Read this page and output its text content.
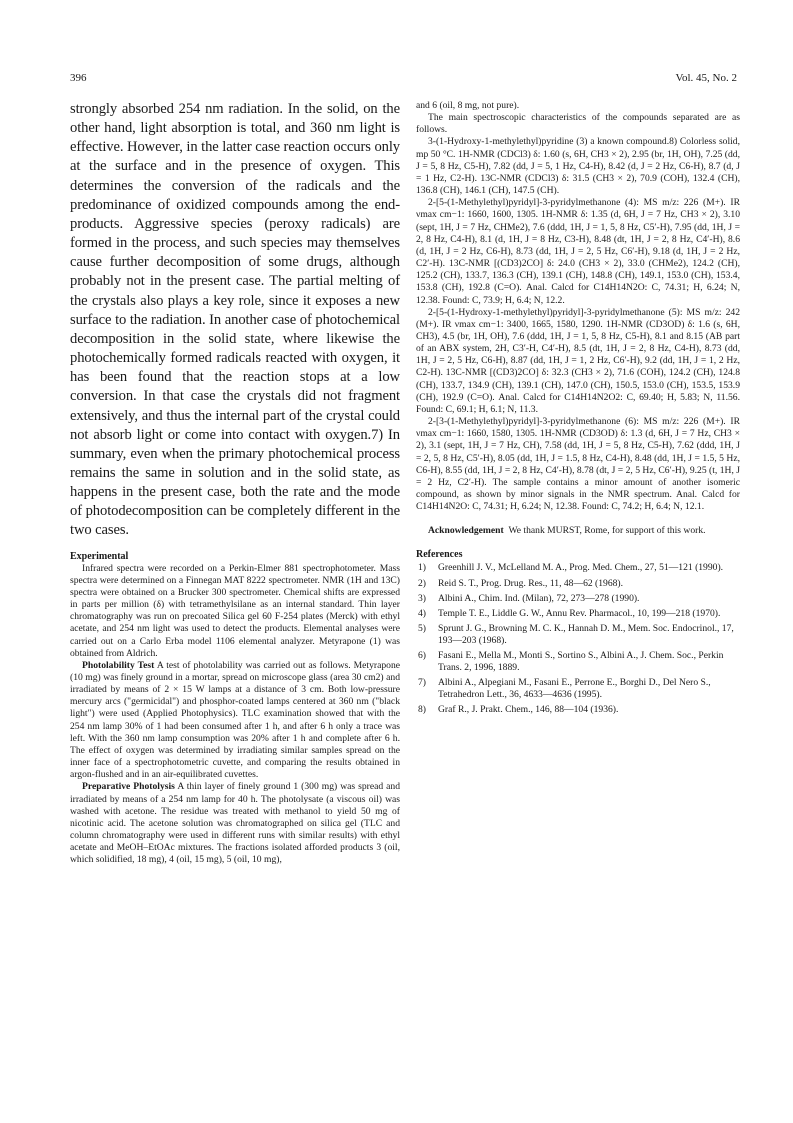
396	Vol. 45, No. 2

strongly absorbed 254 nm radiation. In the solid, on the other hand, light absorption is total, and 360 nm light is effective. However, in the latter case reaction occurs only at the surface and in the presence of oxygen. This determines the conversion of the radicals and the predominance of oxidized compounds among the end-products. Aggressive species (peroxy radicals) are formed in the process, and such species may themselves cause further decomposition of some drugs, although probably not in the present case. The partial melting of the crystals also plays a key role, since it exposes a new surface to the radiation. In another case of photochemical decomposition in the solid state, where likewise the photochemically formed radicals reacted with oxygen, it has been found that the reaction stops at a low conversion. In that case the crystals did not fragment extensively, and thus the internal part of the crystal could not absorb light or come into contact with oxygen.7) In summary, even when the primary photochemical process remains the same in solution and in the solid state, as happens in the present case, both the rate and the mode of photodecomposition can be completely different in the two cases.

Experimental

Infrared spectra were recorded on a Perkin-Elmer 881 spectrophotometer. Mass spectra were determined on a Finnegan MAT 8222 spectrometer. NMR (1H and 13C) spectra were obtained on a Brucker 300 spectrometer. Chemical shifts are expressed in parts per million (δ) with tetramethylsilane as an internal standard. Thin layer chromatography was run on precoated Silica gel 60 F-254 plates (Merck) with ethyl acetate, and 254 nm light was used to detect the products. Elemental analyses were carried out on a Carlo Erba model 1106 elemental analyzer. Metyrapone (1) was obtained from Aldrich.

Photolability Test A test of photolability was carried out as follows. Metyrapone (10 mg) was finely ground in a mortar, spread on microscope glass (area 30 cm2) and irradiated by means of 2 × 15 W lamps at a distance of 3 cm. Both low-pressure mercury arcs ("germicidal") and phosphor-coated lamps centered at 360 nm ("black light") were used (Applied Photophysics). TLC examination showed that with the 254 nm lamp 30% of 1 had been consumed after 1 h, and after 6 h only a trace was left. With the 360 nm lamp consumption was 20% after 1 h and complete after 6 h. The effect of oxygen was determined by irradiating similar samples spread on the inner face of a spectrophotometric cuvette, and comparing the results obtained in argon-flushed and in an air-equilibrated cuvettes.

Preparative Photolysis A thin layer of finely ground 1 (300 mg) was spread and irradiated by means of a 254 nm lamp for 40 h. The photolysate (a viscous oil) was washed with acetone. The residue was treated with methanol to yield 50 mg of nicotinic acid. The acetone solution was chromatographed on silica gel (TLC and column chromatography were used in different runs with similar results) with ethyl acetate and MeOH–EtOAc mixtures. The fractions isolated afforded products 3 (oil, which solidified, 18 mg), 4 (oil, 15 mg), 5 (oil, 10 mg),

and 6 (oil, 8 mg, not pure).

The main spectroscopic characteristics of the compounds separated are as follows.

3-(1-Hydroxy-1-methylethyl)pyridine (3) a known compound.8) Colorless solid, mp 50 °C. 1H-NMR (CDCl3) δ: 1.60 (s, 6H, CH3 × 2), 2.95 (br, 1H, OH), 7.25 (dd, J = 5, 8 Hz, C5-H), 7.82 (dd, J = 5, 1 Hz, C4-H), 8.42 (d, J = 2 Hz, C6-H), 8.7 (d, J = 1 Hz, C2-H). 13C-NMR (CDCl3) δ: 31.5 (CH3 × 2), 70.9 (COH), 132.4 (CH), 136.8 (CH), 146.1 (CH), 147.5 (CH).

2-[5-(1-Methylethyl)pyridyl]-3-pyridylmethanone (4): MS m/z: 226 (M+). IR νmax cm−1: 1660, 1600, 1305. 1H-NMR δ: 1.35 (d, 6H, J = 7 Hz, CH3 × 2), 3.10 (sept, 1H, J = 7 Hz, CHMe2), 7.6 (ddd, 1H, J = 1, 5, 8 Hz, C5′-H), 7.95 (dd, 1H, J = 2, 8 Hz, C4-H), 8.1 (d, 1H, J = 8 Hz, C3-H), 8.48 (dt, 1H, J = 2, 8 Hz, C4′-H), 8.6 (d, 1H, J = 2 Hz, C6-H), 8.73 (dd, 1H, J = 2, 5 Hz, C6′-H), 9.18 (d, 1H, J = 2 Hz, C2′-H). 13C-NMR [(CD3)2CO] δ: 24.0 (CH3 × 2), 33.0 (CHMe2), 124.2 (CH), 125.2 (CH), 133.7, 136.3 (CH), 139.1 (CH), 148.8 (CH), 149.1, 153.0 (CH), 153.4, 153.8 (CH), 192.8 (C=O). Anal. Calcd for C14H14N2O: C, 74.31; H, 6.24; N, 12.38. Found: C, 73.9; H, 6.4; N, 12.2.

2-[5-(1-Hydroxy-1-methylethyl)pyridyl]-3-pyridylmethanone (5): MS m/z: 242 (M+). IR νmax cm−1: 3400, 1665, 1580, 1290. 1H-NMR (CD3OD) δ: 1.6 (s, 6H, CH3), 4.5 (br, 1H, OH), 7.6 (ddd, 1H, J = 1, 5, 8 Hz, C5-H), 8.1 and 8.15 (AB part of an ABX system, 2H, C3′-H, C4′-H), 8.5 (dt, 1H, J = 2, 8 Hz, C4-H), 8.73 (dd, 1H, J = 2, 5 Hz, C6-H), 8.87 (dd, 1H, J = 1, 2 Hz, C6′-H), 9.2 (dd, 1H, J = 1, 2 Hz, C2-H). 13C-NMR [(CD3)2CO] δ: 32.3 (CH3 × 2), 71.6 (COH), 124.2 (CH), 124.8 (CH), 133.7, 134.9 (CH), 139.1 (CH), 147.0 (CH), 150.5, 153.0 (CH), 153.5, 153.9 (CH), 192.9 (C=O). Anal. Calcd for C14H14N2O2: C, 69.40; H, 5.83; N, 11.56. Found: C, 69.1; H, 6.1; N, 11.3.

2-[3-(1-Methylethyl)pyridyl]-3-pyridylmethanone (6): MS m/z: 226 (M+). IR νmax cm−1: 1660, 1580, 1305. 1H-NMR (CD3OD) δ: 1.3 (d, 6H, J = 7 Hz, CH3 × 2), 3.1 (sept, 1H, J = 7 Hz, CH), 7.58 (dd, 1H, J = 5, 8 Hz, C5-H), 7.62 (ddd, 1H, J = 2, 5, 8 Hz, C5′-H), 8.05 (dd, 1H, J = 1.5, 8 Hz, C4-H), 8.48 (dd, 1H, J = 1.5, 5 Hz, C6-H), 8.55 (dd, 1H, J = 2, 8 Hz, C4′-H), 8.78 (dt, J = 2, 5 Hz, C6′-H), 9.25 (t, 1H, J = 2 Hz, C2′-H). The sample contains a minor amount of another isomeric compound, as shown by minor signals in the NMR spectrum. Anal. Calcd for C14H14N2O: C, 74.31; H, 6.24; N, 12.38. Found: C, 74.2; H, 6.4; N, 12.1.

Acknowledgement We thank MURST, Rome, for support of this work.

References
1) Greenhill J. V., McLelland M. A., Prog. Med. Chem., 27, 51—121 (1990).
2) Reid S. T., Prog. Drug. Res., 11, 48—62 (1968).
3) Albini A., Chim. Ind. (Milan), 72, 273—278 (1990).
4) Temple T. E., Liddle G. W., Annu Rev. Pharmacol., 10, 199—218 (1970).
5) Sprunt J. G., Browning M. C. K., Hannah D. M., Mem. Soc. Endocrinol., 17, 193—203 (1968).
6) Fasani E., Mella M., Monti S., Sortino S., Albini A., J. Chem. Soc., Perkin Trans. 2, 1996, 1889.
7) Albini A., Alpegiani M., Fasani E., Perrone E., Borghi D., Del Nero S., Tetrahedron Lett., 36, 4633—4636 (1995).
8) Graf R., J. Prakt. Chem., 146, 88—104 (1936).
